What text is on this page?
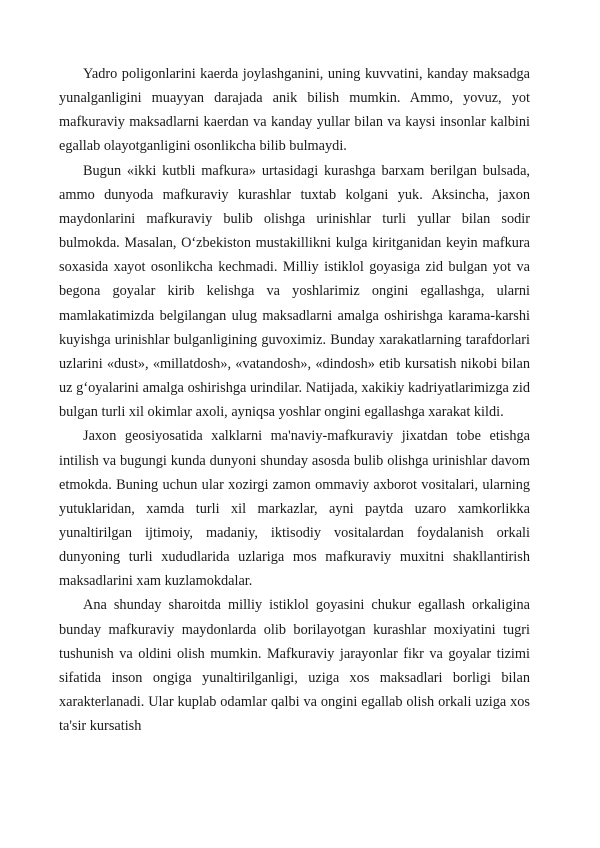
Yadro poligonlarini kaerda joylashganini, uning kuvvatini, kanday maksadga yunalganligini muayyan darajada anik bilish mumkin. Ammo, yovuz, yot mafkuraviy maksadlarni kaerdan va kanday yullar bilan va kaysi insonlar kalbini egallab olayotganligini osonlikcha bilib bulmaydi.

Bugun «ikki kutbli mafkura» urtasidagi kurashga barxam berilgan bulsada, ammo dunyoda mafkuraviy kurashlar tuxtab kolgani yuk. Aksincha, jaxon maydonlarini mafkuraviy bulib olishga urinishlar turli yullar bilan sodir bulmokda. Masalan, O‘zbekiston mustakillikni kulga kiritganidan keyin mafkura soxasida xayot osonlikcha kechmadi. Milliy istiklol goyasiga zid bulgan yot va begona goyalar kirib kelishga va yoshlarimiz ongini egallashga, ularni mamlakatimizda belgilangan ulug maksadlarni amalga oshirishga karama-karshi kuyishga urinishlar bulganligining guvoximiz. Bunday xarakatlarning tarafdorlari uzlarini «dust», «millatdosh», «vatandosh», «dindosh» etib kursatish nikobi bilan uz g‘oyalarini amalga oshirishga urindilar. Natijada, xakikiy kadriyatlarimizga zid bulgan turli xil okimlar axoli, ayniqsa yoshlar ongini egallashga xarakat kildi.

Jaxon geosiyosatida xalklarni ma'naviy-mafkuraviy jixatdan tobe etishga intilish va bugungi kunda dunyoni shunday asosda bulib olishga urinishlar davom etmokda. Buning uchun ular xozirgi zamon ommaviy axborot vositalari, ularning yutuklaridan, xamda turli xil markazlar, ayni paytda uzaro xamkorlikka yunaltirilgan ijtimoiy, madaniy, iktisodiy vositalardan foydalanish orkali dunyoning turli xududlarida uzlariga mos mafkuraviy muxitni shakllantirish maksadlarini xam kuzlamokdalar.

Ana shunday sharoitda milliy istiklol goyasini chukur egallash orkaligina bunday mafkuraviy maydonlarda olib borilayotgan kurashlar moxiyatini tugri tushunish va oldini olish mumkin. Mafkuraviy jarayonlar fikr va goyalar tizimi sifatida inson ongiga yunaltirilganligi, uziga xos maksadlari borligi bilan xarakterlanadi. Ular kuplab odamlar qalbi va ongini egallab olish orkali uziga xos ta'sir kursatish
